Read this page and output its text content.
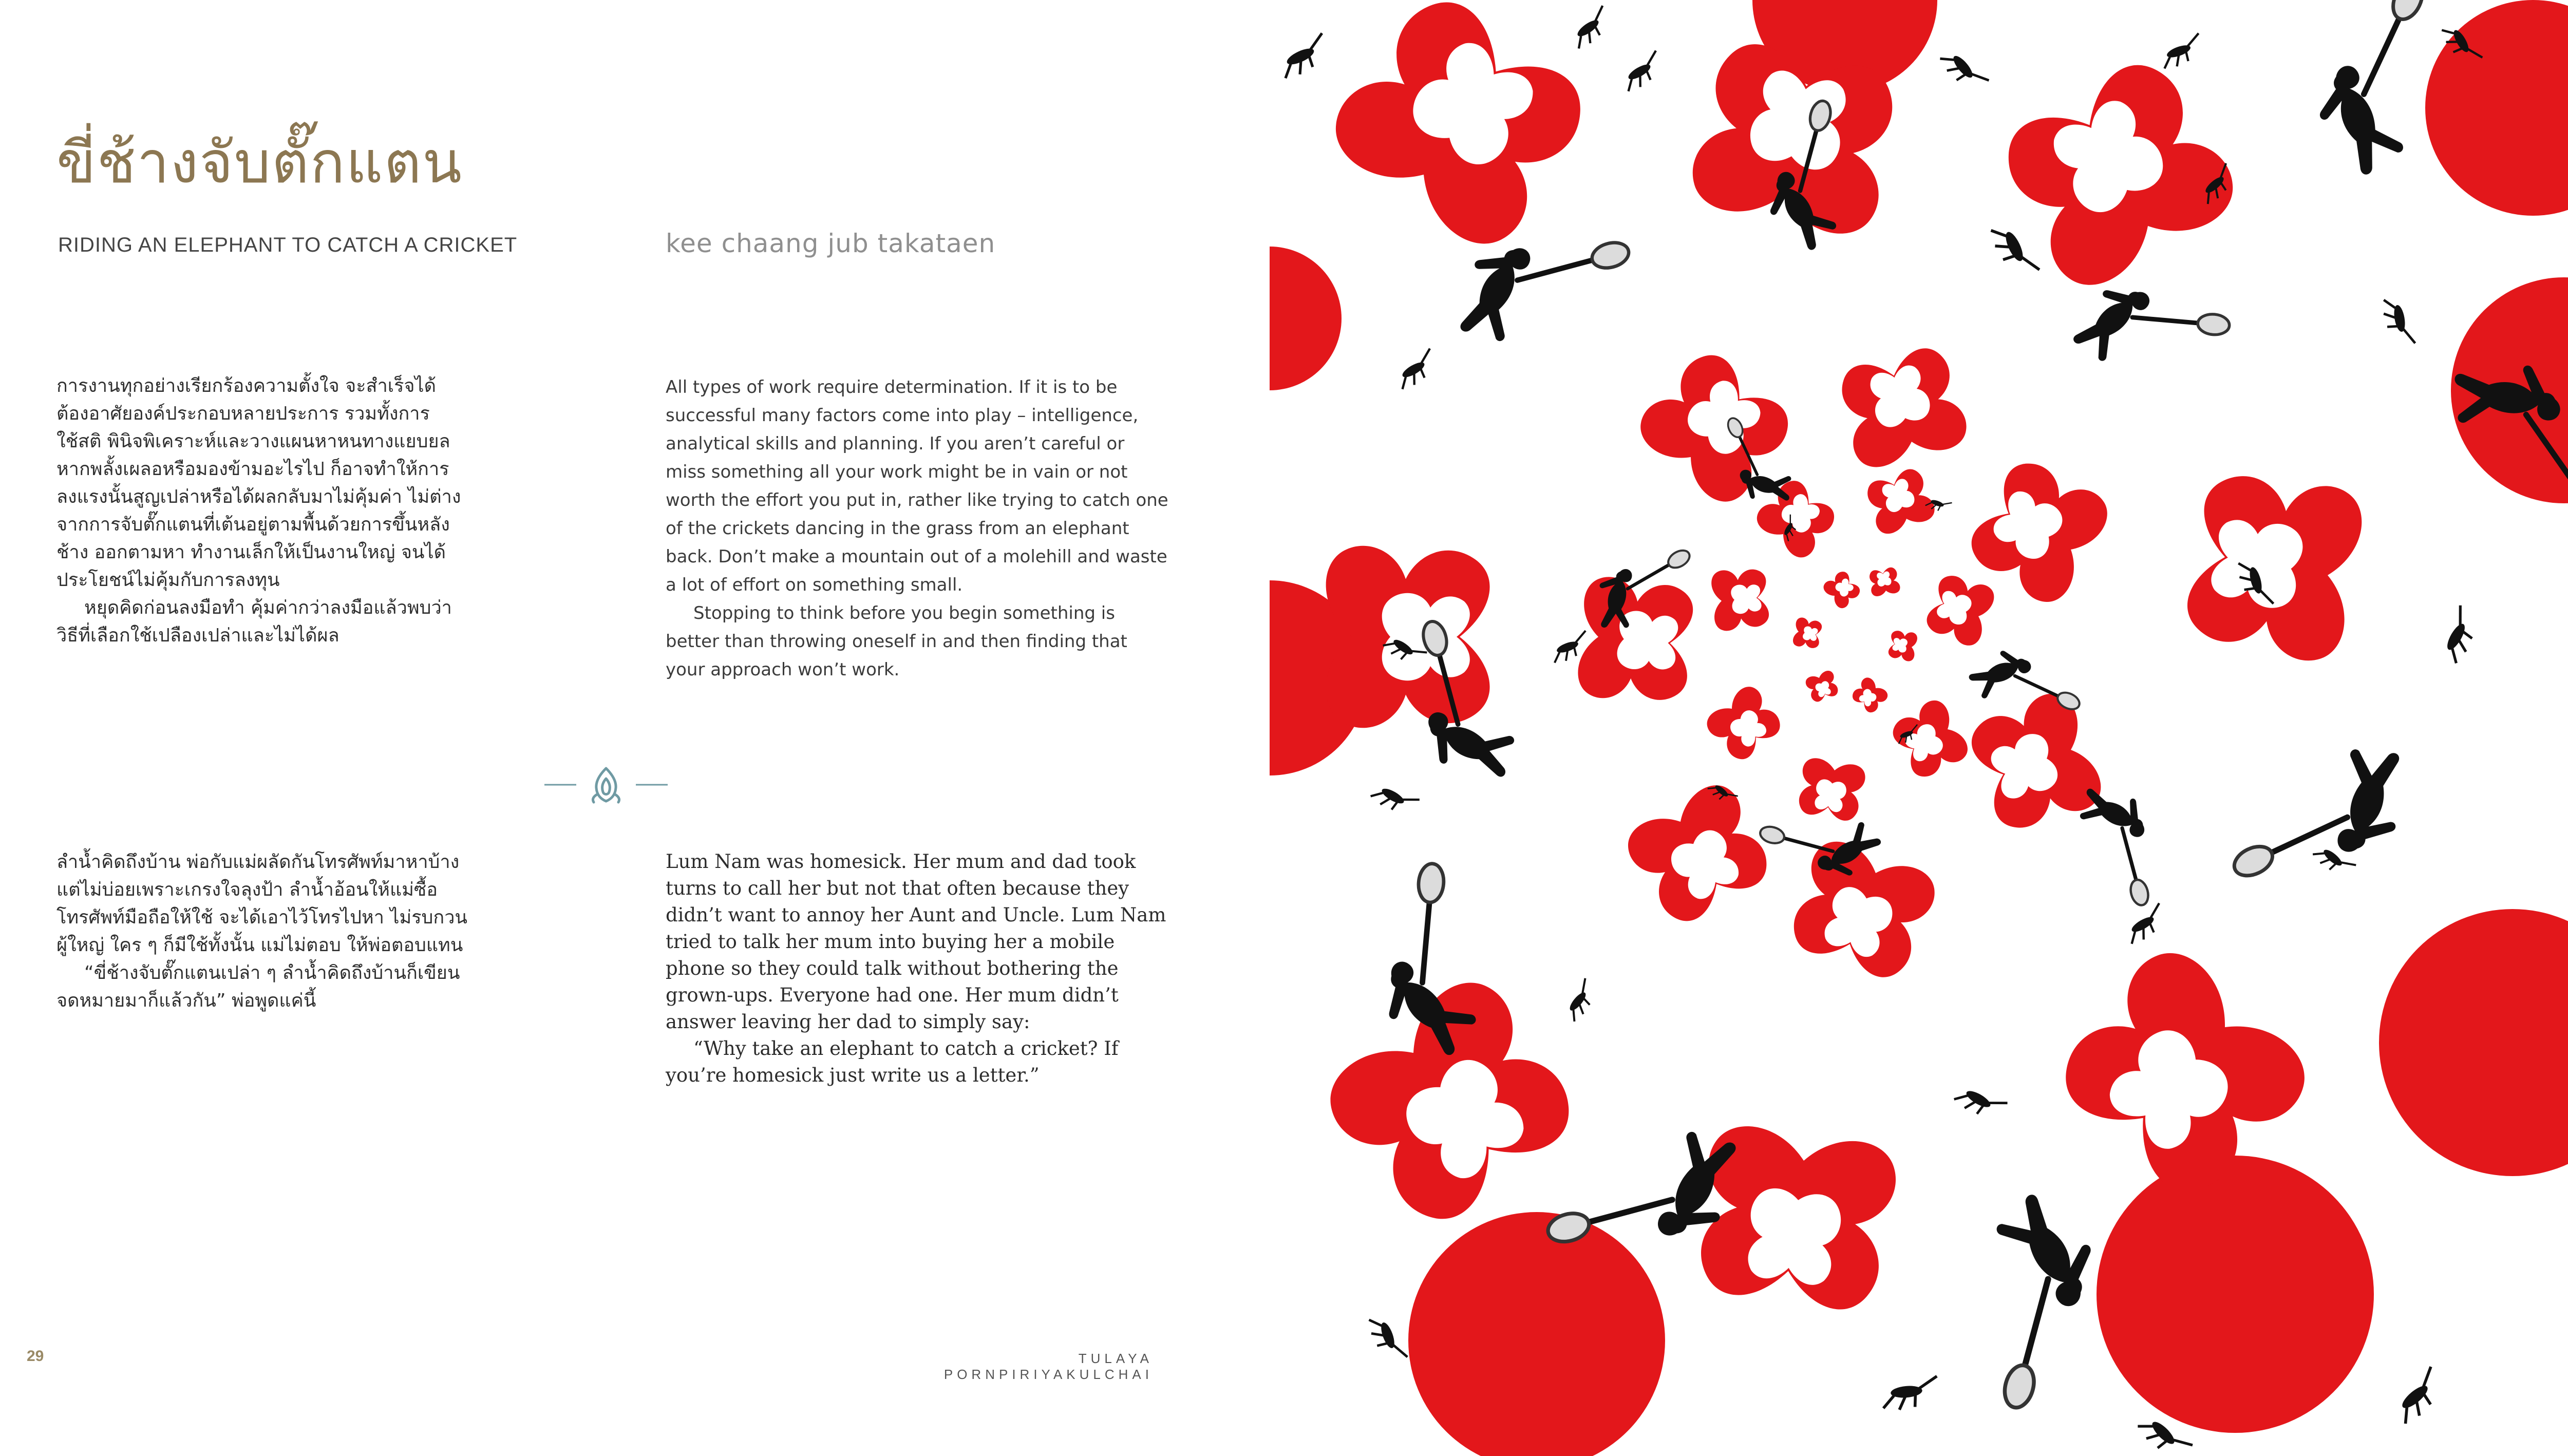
ขี่ช้างจับตั๊กแตน
RIDING AN ELEPHANT TO CATCH A CRICKET	kee chaang jub takataen

การงานทุกอย่างเรียกร้องความตั้งใจ จะสำเร็จได้

ต้องอาศัยองค์ประกอบหลายประการ รวมทั้งการ

ใช้สติ พินิจพิเคราะห์และวางแผนหาหนทางแยบยล

หากพลั้งเผลอหรือมองข้ามอะไรไป ก็อาจทำให้การ

ลงแรงนั้นสูญเปล่าหรือได้ผลกลับมาไม่คุ้มค่า ไม่ต่าง

จากการจับตั๊กแตนที่เต้นอยู่ตามพื้นด้วยการขึ้นหลัง

ช้าง ออกตามหา ทำงานเล็กให้เป็นงานใหญ่ จนได้

ประโยชน์ไม่คุ้มกับการลงทุน

หยุดคิดก่อนลงมือทำ คุ้มค่ากว่าลงมือแล้วพบว่า

วิธีที่เลือกใช้เปลืองเปล่าและไม่ได้ผล

All types of work require determination. If it is to be successful many factors come into play – intelligence, analytical skills and planning. If you aren’t careful or miss something all your work might be in vain or not worth the effort you put in, rather like trying to catch one of the crickets dancing in the grass from an elephant back. Don’t make a mountain out of a molehill and waste a lot of effort on something small.

Stopping to think before you begin something is better than throwing oneself in and then finding that your approach won’t work.

ลำน้ำคิดถึงบ้าน พ่อกับแม่ผลัดกันโทรศัพท์มาหาบ้าง

แต่ไม่บ่อยเพราะเกรงใจลุงป้า ลำน้ำอ้อนให้แม่ซื้อ

โทรศัพท์มือถือให้ใช้ จะได้เอาไว้โทรไปหา ไม่รบกวน

ผู้ใหญ่ ใคร ๆ ก็มีใช้ทั้งนั้น แม่ไม่ตอบ ให้พ่อตอบแทน

“ขี่ช้างจับตั๊กแตนเปล่า ๆ ลำน้ำคิดถึงบ้านก็เขียน

จดหมายมาก็แล้วกัน” พ่อพูดแค่นี้

Lum Nam was homesick. Her mum and dad took turns to call her but not that often because they didn’t want to annoy her Aunt and Uncle. Lum Nam tried to talk her mum into buying her a mobile phone so they could talk without bothering the grown-ups. Everyone had one. Her mum didn’t answer leaving her dad to simply say:

“Why take an elephant to catch a cricket? If you’re homesick just write us a letter.”

29	TULAYA PORNPIRIYAKULCHAI
